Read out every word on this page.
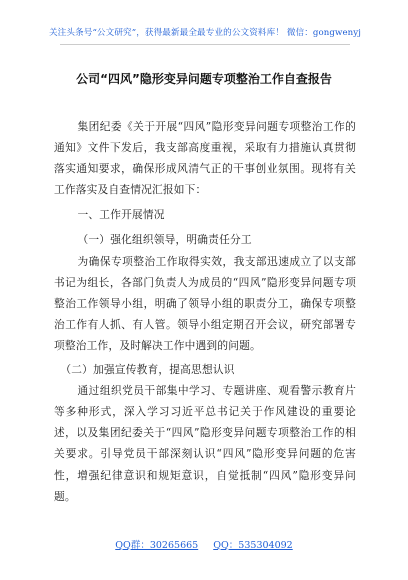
关注头条号“公文研究”，获得最新最全最专业的公文资料库！ 微信：gongwenyj
公司“四风”隐形变异问题专项整治工作自查报告

集团纪委《关于开展“四风”隐形变异问题专项整治工作的通知》文件下发后，我支部高度重视，采取有力措施认真贯彻落实通知要求，确保形成风清气正的干事创业氛围。现将有关工作落实及自查情况汇报如下：

一、工作开展情况

（一）强化组织领导，明确责任分工

为确保专项整治工作取得实效，我支部迅速成立了以支部书记为组长，各部门负责人为成员的“四风”隐形变异问题专项整治工作领导小组，明确了领导小组的职责分工，确保专项整治工作有人抓、有人管。领导小组定期召开会议，研究部署专项整治工作，及时解决工作中遇到的问题。

（二）加强宣传教育，提高思想认识

通过组织党员干部集中学习、专题讲座、观看警示教育片等多种形式，深入学习习近平总书记关于作风建设的重要论述，以及集团纪委关于“四风”隐形变异问题专项整治工作的相关要求。引导党员干部深刻认识“四风”隐形变异问题的危害性，增强纪律意识和规矩意识，自觉抵制“四风”隐形变异问题。

QQ群：30265665 QQ：535304092
